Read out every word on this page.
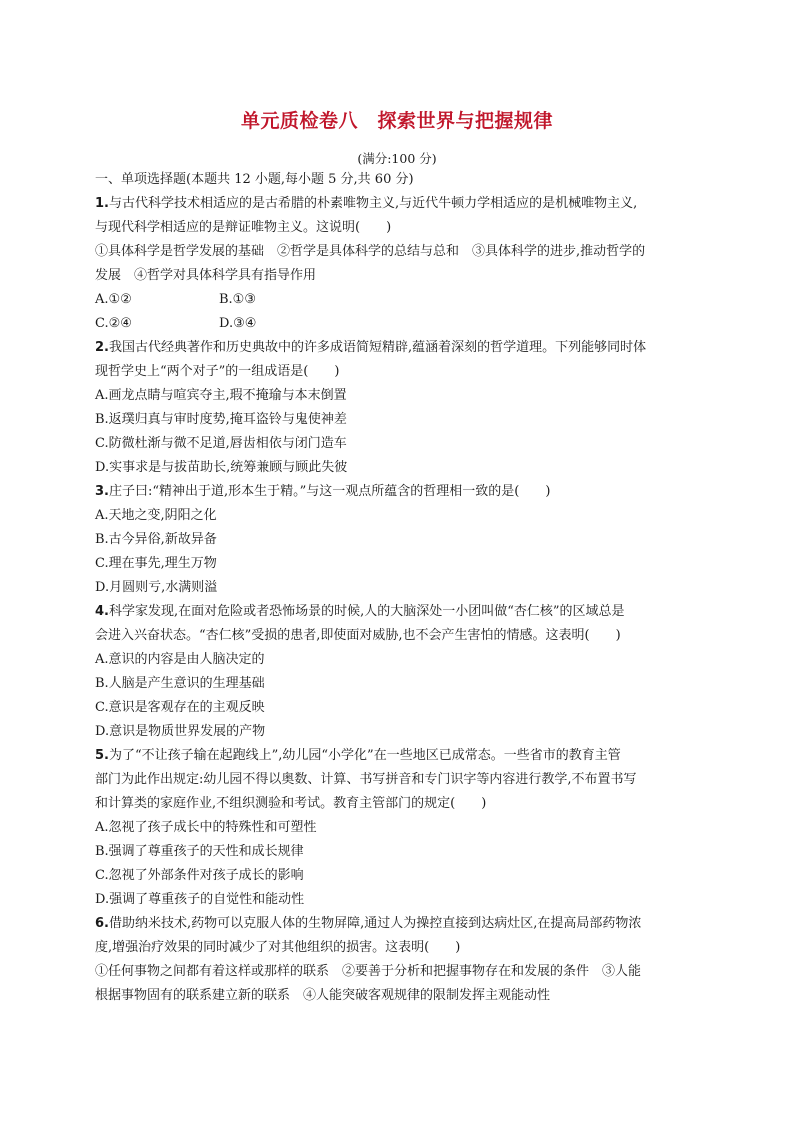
单元质检卷八　探索世界与把握规律
(满分:100 分)
一、单项选择题(本题共 12 小题,每小题 5 分,共 60 分)
1.与古代科学技术相适应的是古希腊的朴素唯物主义,与近代牛顿力学相适应的是机械唯物主义,
与现代科学相适应的是辩证唯物主义。这说明(　　)
①具体科学是哲学发展的基础　②哲学是具体科学的总结与总和　③具体科学的进步,推动哲学的
发展　④哲学对具体科学具有指导作用
A.①②	B.①③
C.②④	D.③④
2.我国古代经典著作和历史典故中的许多成语简短精辟,蕴涵着深刻的哲学道理。下列能够同时体
现哲学史上“两个对子”的一组成语是(　　)
A.画龙点睛与喧宾夺主,瑕不掩瑜与本末倒置
B.返璞归真与审时度势,掩耳盗铃与鬼使神差
C.防微杜渐与微不足道,唇齿相依与闭门造车
D.实事求是与拔苗助长,统筹兼顾与顾此失彼
3.庄子曰:“精神出于道,形本生于精。”与这一观点所蕴含的哲理相一致的是(　　)
A.天地之变,阴阳之化
B.古今异俗,新故异备
C.理在事先,理生万物
D.月圆则亏,水满则溢
4.科学家发现,在面对危险或者恐怖场景的时候,人的大脑深处一小团叫做“杏仁核”的区域总是
会进入兴奋状态。“杏仁核”受损的患者,即使面对威胁,也不会产生害怕的情感。这表明(　　)
A.意识的内容是由人脑决定的
B.人脑是产生意识的生理基础
C.意识是客观存在的主观反映
D.意识是物质世界发展的产物
5.为了“不让孩子输在起跑线上”,幼儿园“小学化”在一些地区已成常态。一些省市的教育主管
部门为此作出规定:幼儿园不得以奥数、计算、书写拼音和专门识字等内容进行教学,不布置书写
和计算类的家庭作业,不组织测验和考试。教育主管部门的规定(　　)
A.忽视了孩子成长中的特殊性和可塑性
B.强调了尊重孩子的天性和成长规律
C.忽视了外部条件对孩子成长的影响
D.强调了尊重孩子的自觉性和能动性
6.借助纳米技术,药物可以克服人体的生物屏障,通过人为操控直接到达病灶区,在提高局部药物浓
度,增强治疗效果的同时减少了对其他组织的损害。这表明(　　)
①任何事物之间都有着这样或那样的联系　②要善于分析和把握事物存在和发展的条件　③人能
根据事物固有的联系建立新的联系　④人能突破客观规律的限制发挥主观能动性
